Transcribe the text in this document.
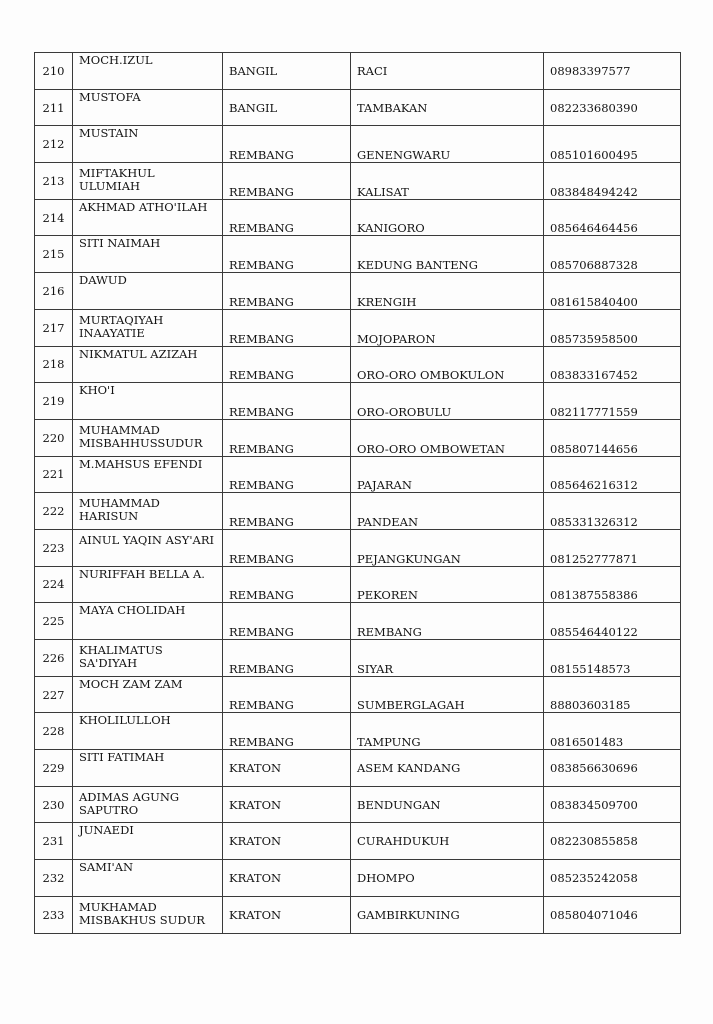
210	MOCH.IZUL	BANGIL	RACI	08983397577
211	MUSTOFA	BANGIL	TAMBAKAN	082233680390
212	MUSTAIN	REMBANG	GENENGWARU	085101600495
213	MIFTAKHUL ULUMIAH	REMBANG	KALISAT	083848494242
214	AKHMAD ATHO'ILAH	REMBANG	KANIGORO	085646464456
215	SITI NAIMAH	REMBANG	KEDUNG BANTENG	085706887328
216	DAWUD	REMBANG	KRENGIH	081615840400
217	MURTAQIYAH INAAYATIE	REMBANG	MOJOPARON	085735958500
218	NIKMATUL AZIZAH	REMBANG	ORO-ORO OMBOKULON	083833167452
219	KHO'I	REMBANG	ORO-OROBULU	082117771559
220	MUHAMMAD MISBAHHUSSUDUR	REMBANG	ORO-ORO OMBOWETAN	085807144656
221	M.MAHSUS EFENDI	REMBANG	PAJARAN	085646216312
222	MUHAMMAD HARISUN	REMBANG	PANDEAN	085331326312
223	AINUL YAQIN ASY'ARI	REMBANG	PEJANGKUNGAN	081252777871
224	NURIFFAH BELLA A.	REMBANG	PEKOREN	081387558386
225	MAYA CHOLIDAH	REMBANG	REMBANG	085546440122
226	KHALIMATUS SA'DIYAH	REMBANG	SIYAR	08155148573
227	MOCH ZAM ZAM	REMBANG	SUMBERGLAGAH	88803603185
228	KHOLILULLOH	REMBANG	TAMPUNG	0816501483
229	SITI FATIMAH	KRATON	ASEM KANDANG	083856630696
230	ADIMAS AGUNG SAPUTRO	KRATON	BENDUNGAN	083834509700
231	JUNAEDI	KRATON	CURAHDUKUH	082230855858
232	SAMI'AN	KRATON	DHOMPO	085235242058
233	MUKHAMAD MISBAKHUS SUDUR	KRATON	GAMBIRKUNING	085804071046
